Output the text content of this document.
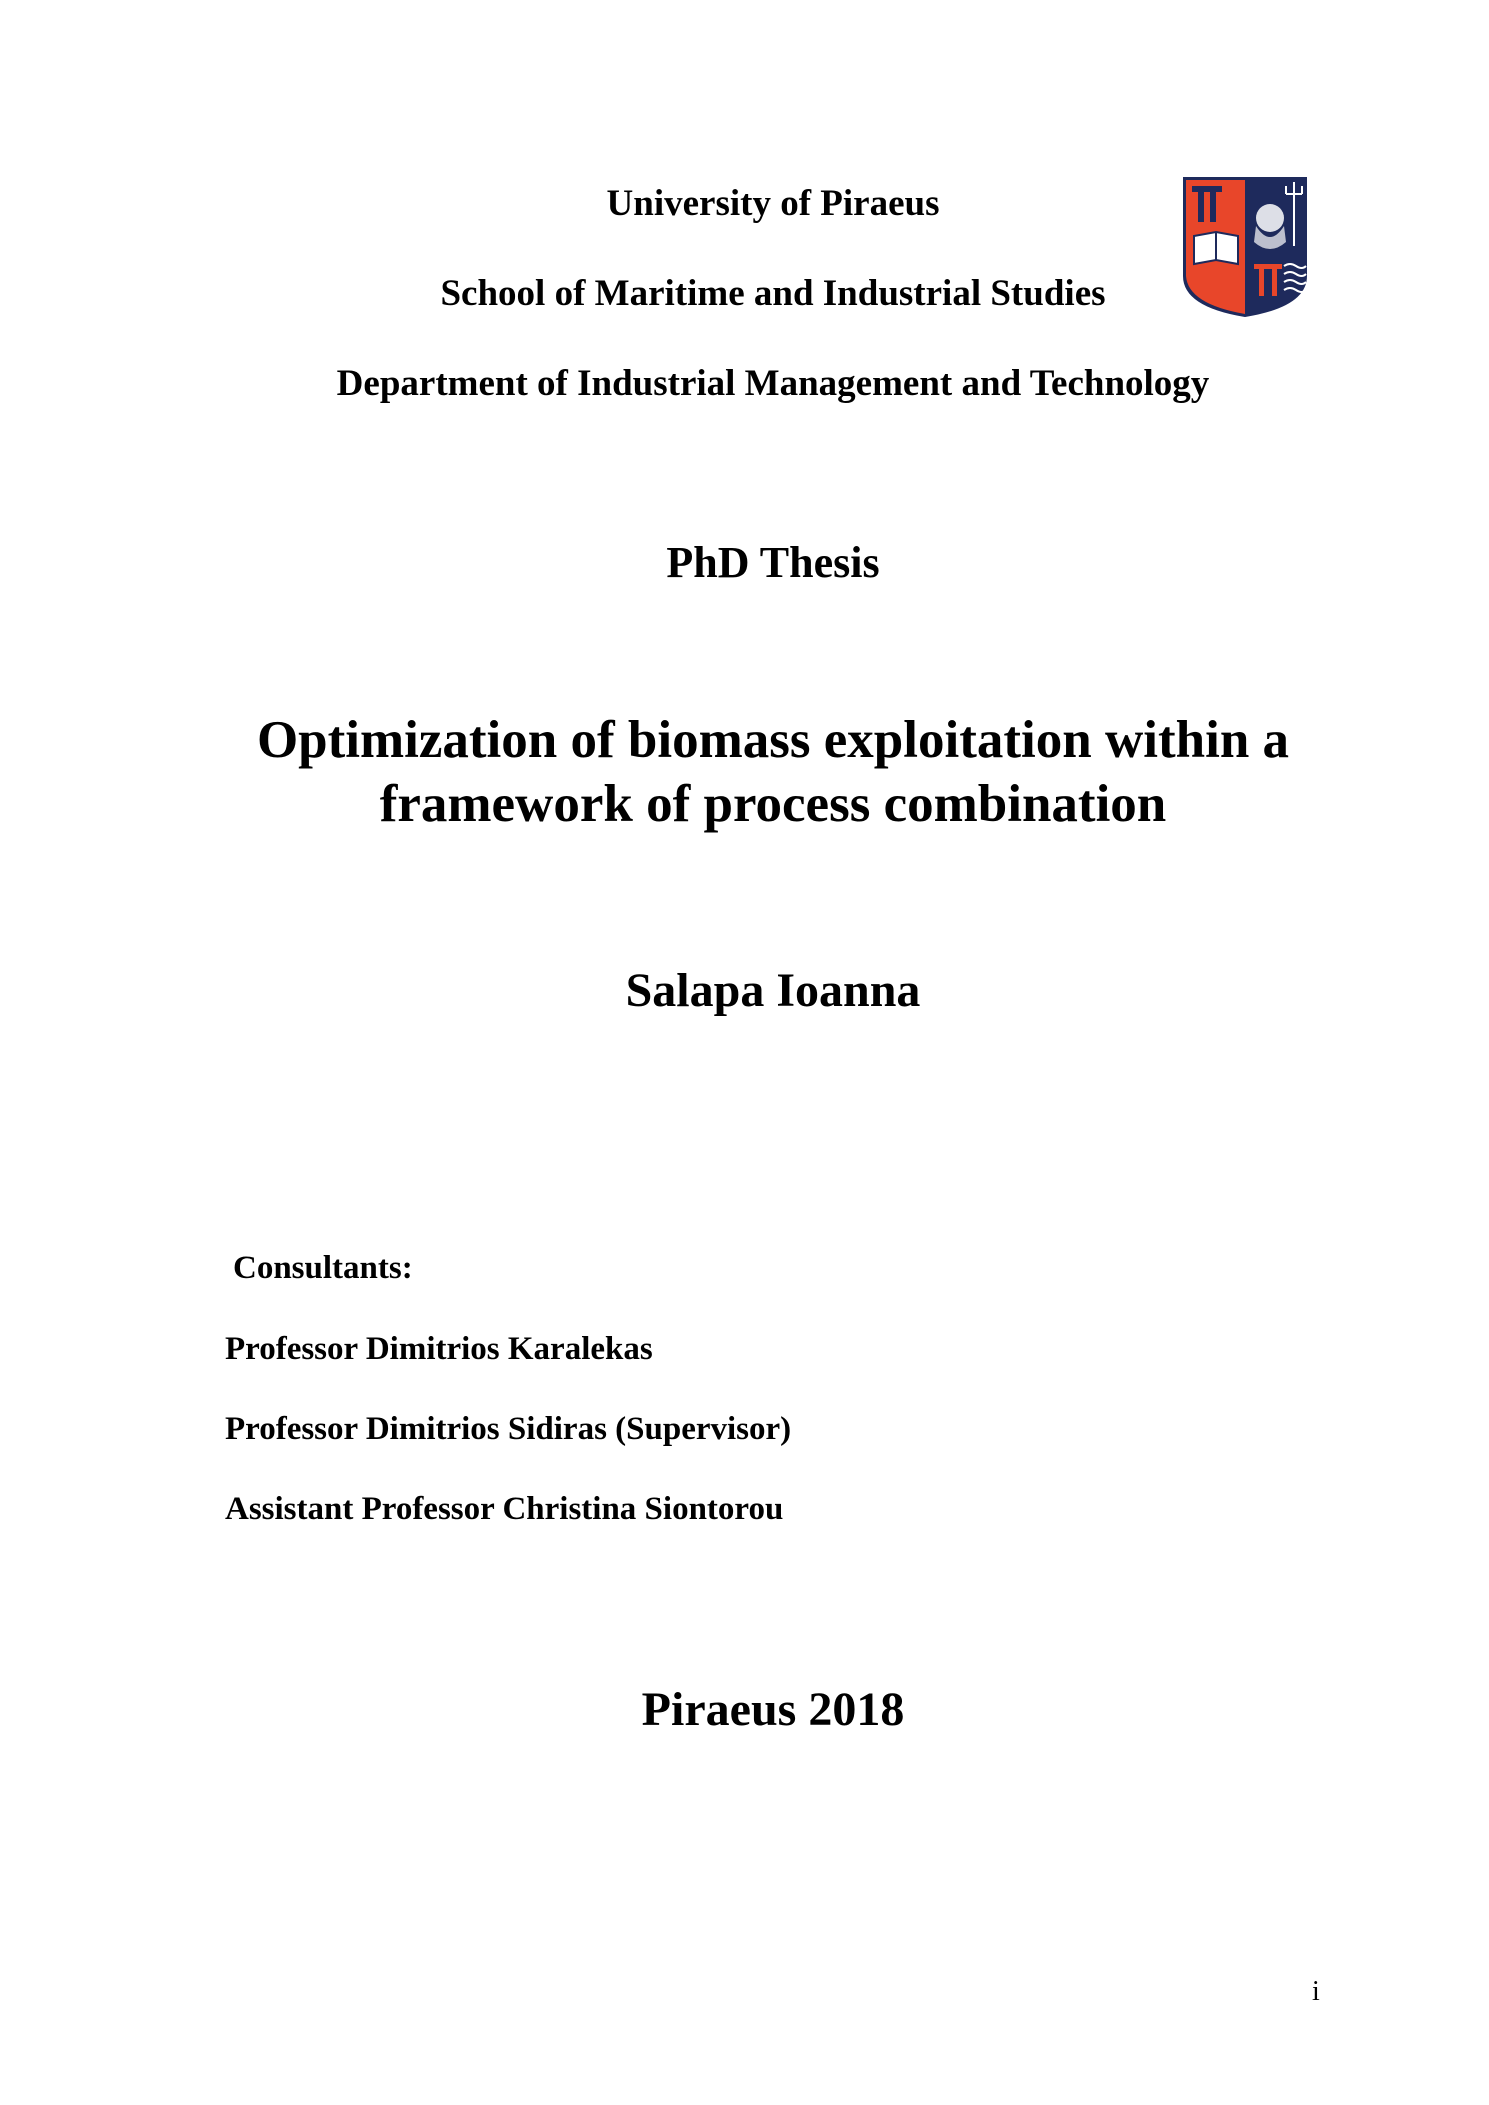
University of Piraeus
School of Maritime and Industrial Studies
Department of Industrial Management and Technology
PhD Thesis
Optimization of biomass exploitation within a framework of process combination
Salapa Ioanna
Consultants:
Professor Dimitrios Karalekas
Professor Dimitrios Sidiras (Supervisor)
Assistant Professor Christina Siontorou
Piraeus 2018
i
